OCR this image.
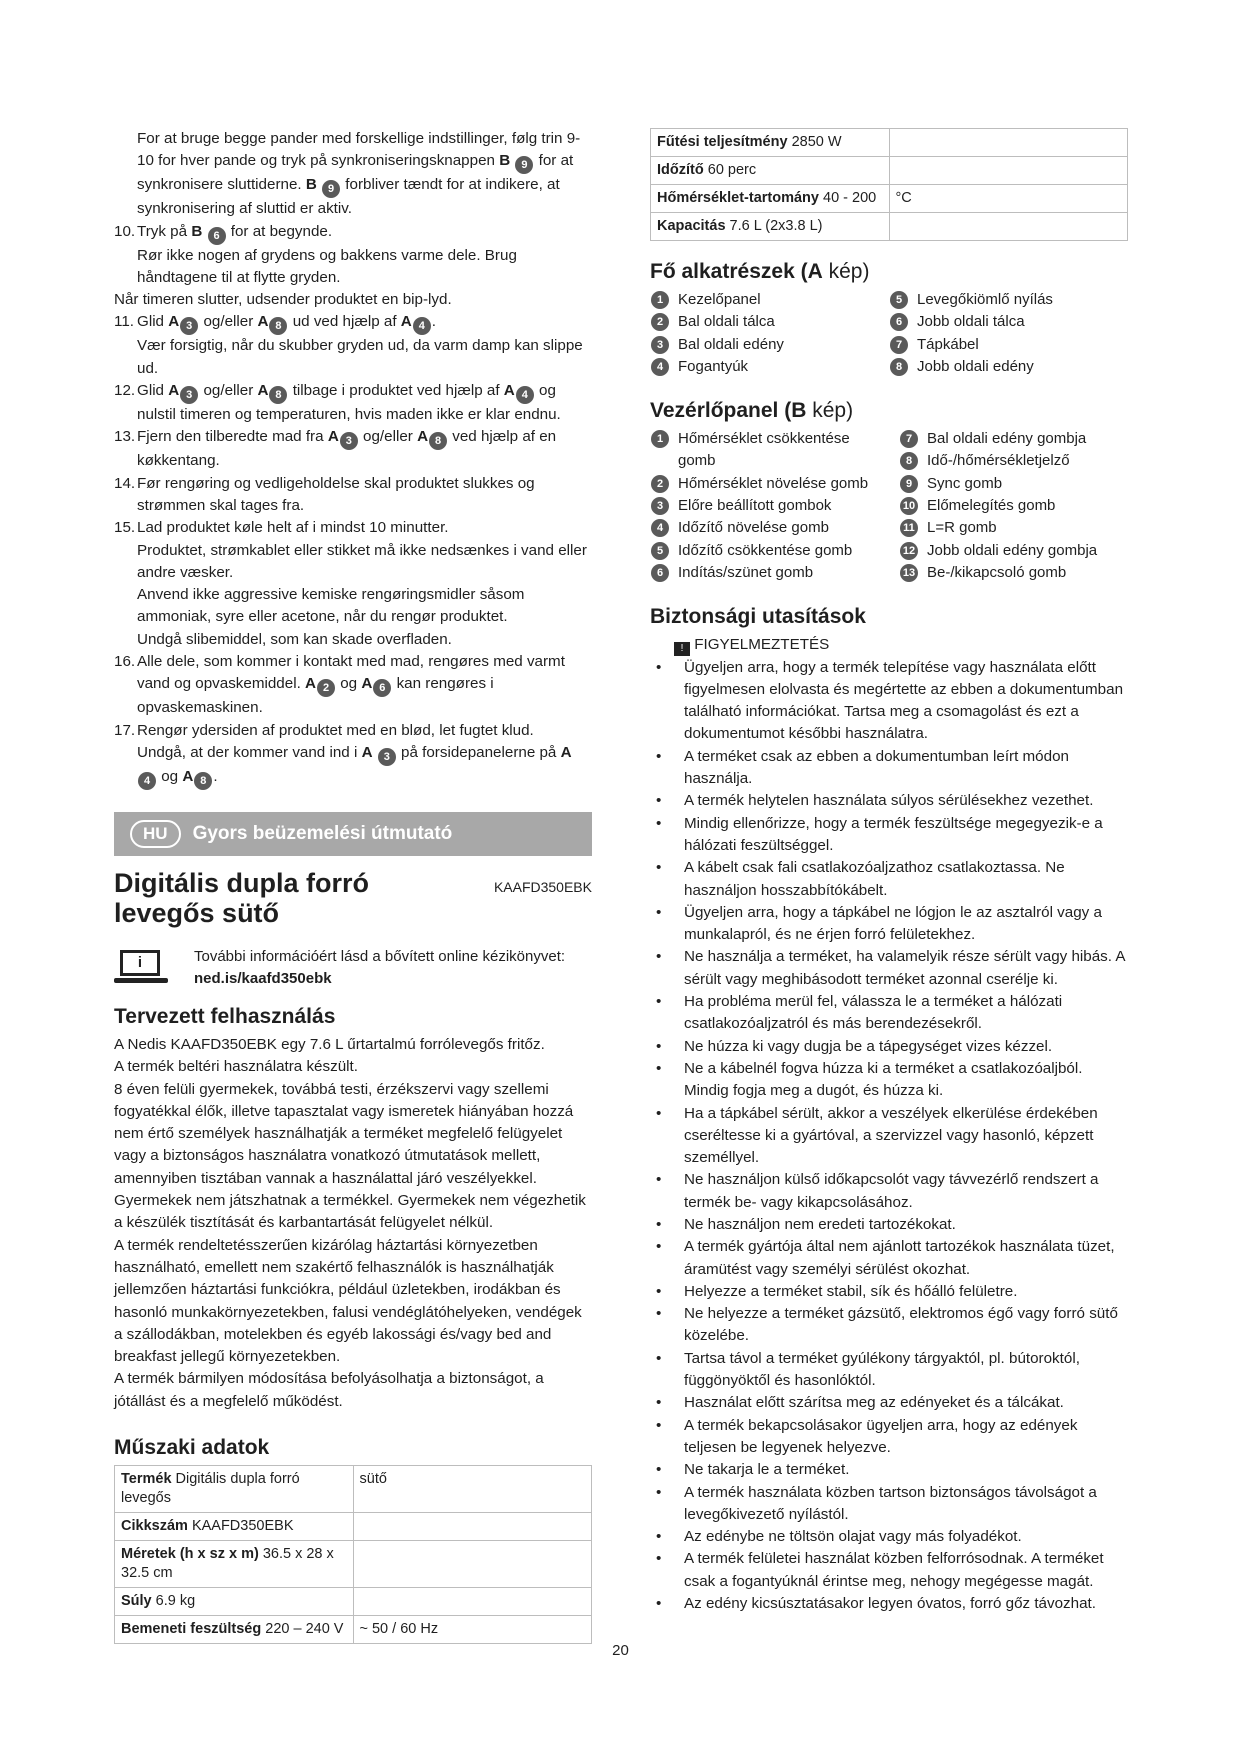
For at bruge begge pander med forskellige indstillinger, følg trin 9-10 for hver pande og tryk på synkroniseringsknappen B 9 for at synkronisere sluttiderne. B 9 forbliver tændt for at indikere, at synkronisering af sluttid er aktiv.
10. Tryk på B 6 for at begynde.
Rør ikke nogen af grydens og bakkens varme dele. Brug håndtagene til at flytte gryden.
Når timeren slutter, udsender produktet en bip-lyd.
11. Glid A 3 og/eller A 8 ud ved hjælp af A 4 .
Vær forsigtig, når du skubber gryden ud, da varm damp kan slippe ud.
12. Glid A 3 og/eller A 8 tilbage i produktet ved hjælp af A 4 og nulstil timeren og temperaturen, hvis maden ikke er klar endnu.
13. Fjern den tilberedte mad fra A 3 og/eller A 8 ved hjælp af en køkkentang.
14. Før rengøring og vedligeholdelse skal produktet slukkes og strømmen skal tages fra.
15. Lad produktet køle helt af i mindst 10 minutter.
Produktet, strømkablet eller stikket må ikke nedsænkes i vand eller andre væsker.
Anvend ikke aggressive kemiske rengøringsmidler såsom ammoniak, syre eller acetone, når du rengør produktet.
Undgå slibemiddel, som kan skade overfladen.
16. Alle dele, som kommer i kontakt med mad, rengøres med varmt vand og opvaskemiddel. A 2 og A 6 kan rengøres i opvaskemaskinen.
17. Rengør ydersiden af produktet med en blød, let fugtet klud.
Undgå, at der kommer vand ind i A 3 på forsidepanelerne på A 4 og A 8 .
HU	Gyors beüzemelési útmutató
Digitális dupla forró levegős sütő
KAAFD350EBK
i	További információért lásd a bővített online kézikönyvet:
ned.is/kaafd350ebk
Tervezett felhasználás
A Nedis KAAFD350EBK egy 7.6 L űrtartalmú forrólevegős fritőz.
A termék beltéri használatra készült.
8 éven felüli gyermekek, továbbá testi, érzékszervi vagy szellemi fogyatékkal élők, illetve tapasztalat vagy ismeretek hiányában hozzá nem értő személyek használhatják a terméket megfelelő felügyelet vagy a biztonságos használatra vonatkozó útmutatások mellett, amennyiben tisztában vannak a használattal járó veszélyekkel.
Gyermekek nem játszhatnak a termékkel. Gyermekek nem végezhetik a készülék tisztítását és karbantartását felügyelet nélkül.
A termék rendeltetésszerűen kizárólag háztartási környezetben használható, emellett nem szakértő felhasználók is használhatják jellemzően háztartási funkciókra, például üzletekben, irodákban és hasonló munkakörnyezetekben, falusi vendéglátóhelyeken, vendégek a szállodákban, motelekben és egyéb lakossági és/vagy bed and breakfast jellegű környezetekben.
A termék bármilyen módosítása befolyásolhatja a biztonságot, a jótállást és a megfelelő működést.
Műszaki adatok
Termék Digitális dupla forró levegős	sütő
Cikkszám KAAFD350EBK	
Méretek (h x sz x m) 36.5 x 28 x 32.5 cm	
Súly 6.9 kg	
Bemeneti feszültség 220 – 240 V	~ 50 / 60 Hz
Fűtési teljesítmény 2850 W	
Időzítő 60 perc	
Hőmérséklet-tartomány 40 - 200	°C
Kapacitás 7.6 L (2x3.8 L)	
Fő alkatrészek (A kép)
1 Kezelőpanel
2 Bal oldali tálca
3 Bal oldali edény
4 Fogantyúk
5 Levegőkiömlő nyílás
6 Jobb oldali tálca
7 Tápkábel
8 Jobb oldali edény
Vezérlőpanel (B kép)
1 Hőmérséklet csökkentése gomb
2 Hőmérséklet növelése gomb
3 Előre beállított gombok
4 Időzítő növelése gomb
5 Időzítő csökkentése gomb
6 Indítás/szünet gomb
7 Bal oldali edény gombja
8 Idő-/hőmérsékletjelző
9 Sync gomb
10 Előmelegítés gomb
11 L=R gomb
12 Jobb oldali edény gombja
13 Be-/kikapcsoló gomb
Biztonsági utasítások
! FIGYELMEZTETÉS
• Ügyeljen arra, hogy a termék telepítése vagy használata előtt figyelmesen elolvasta és megértette az ebben a dokumentumban található információkat. Tartsa meg a csomagolást és ezt a dokumentumot későbbi használatra.
• A terméket csak az ebben a dokumentumban leírt módon használja.
• A termék helytelen használata súlyos sérülésekhez vezethet.
• Mindig ellenőrizze, hogy a termék feszültsége megegyezik-e a hálózati feszültséggel.
• A kábelt csak fali csatlakozóaljzathoz csatlakoztassa. Ne használjon hosszabbítókábelt.
• Ügyeljen arra, hogy a tápkábel ne lógjon le az asztalról vagy a munkalapról, és ne érjen forró felületekhez.
• Ne használja a terméket, ha valamelyik része sérült vagy hibás. A sérült vagy meghibásodott terméket azonnal cserélje ki.
• Ha probléma merül fel, válassza le a terméket a hálózati csatlakozóaljzatról és más berendezésekről.
• Ne húzza ki vagy dugja be a tápegységet vizes kézzel.
• Ne a kábelnél fogva húzza ki a terméket a csatlakozóaljból. Mindig fogja meg a dugót, és húzza ki.
• Ha a tápkábel sérült, akkor a veszélyek elkerülése érdekében cseréltesse ki a gyártóval, a szervizzel vagy hasonló, képzett személlyel.
• Ne használjon külső időkapcsolót vagy távvezérlő rendszert a termék be- vagy kikapcsolásához.
• Ne használjon nem eredeti tartozékokat.
• A termék gyártója által nem ajánlott tartozékok használata tüzet, áramütést vagy személyi sérülést okozhat.
• Helyezze a terméket stabil, sík és hőálló felületre.
• Ne helyezze a terméket gázsütő, elektromos égő vagy forró sütő közelébe.
• Tartsa távol a terméket gyúlékony tárgyaktól, pl. bútoroktól, függönyöktől és hasonlóktól.
• Használat előtt szárítsa meg az edényeket és a tálcákat.
• A termék bekapcsolásakor ügyeljen arra, hogy az edények teljesen be legyenek helyezve.
• Ne takarja le a terméket.
• A termék használata közben tartson biztonságos távolságot a levegőkivezető nyílástól.
• Az edénybe ne töltsön olajat vagy más folyadékot.
• A termék felületei használat közben felforrósodnak. A terméket csak a fogantyúknál érintse meg, nehogy megégesse magát.
• Az edény kicsúsztatásakor legyen óvatos, forró gőz távozhat.
20
